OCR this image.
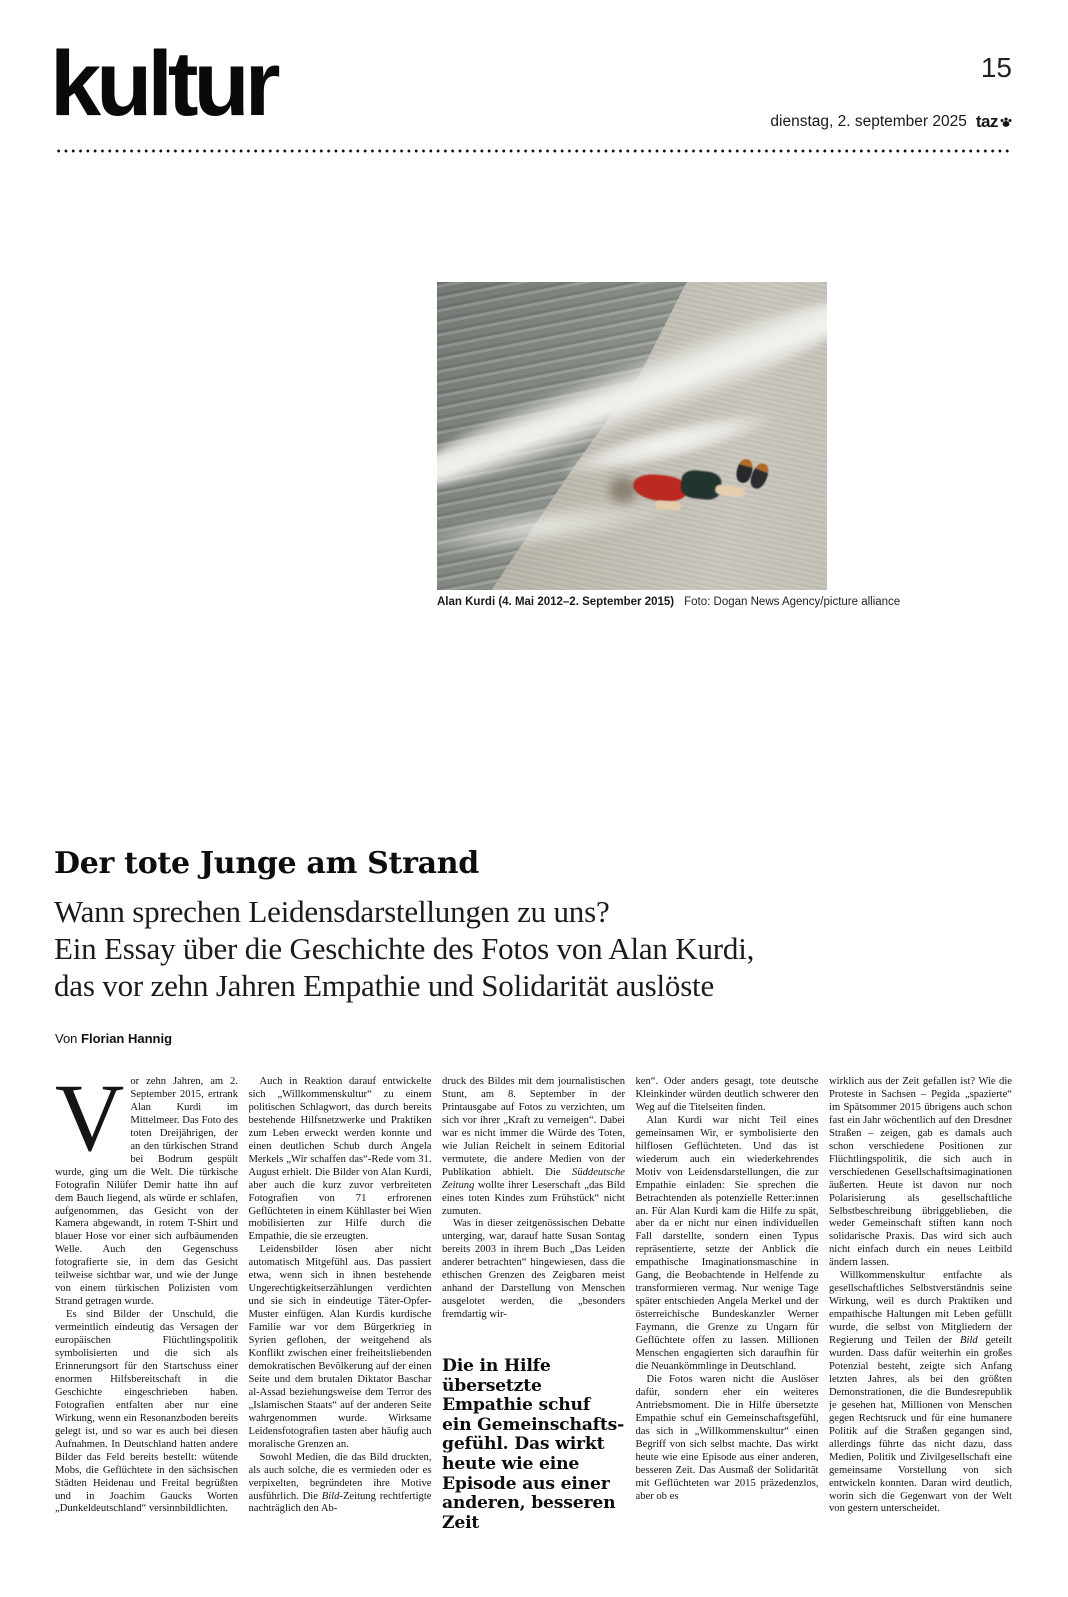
kultur	15
dienstag, 2. september 2025 taz
Alan Kurdi (4. Mai 2012–2. September 2015) Foto: Dogan News Agency/picture alliance
Der tote Junge am Strand
Wann sprechen Leidensdarstellungen zu uns?
Ein Essay über die Geschichte des Fotos von Alan Kurdi,
das vor zehn Jahren Empathie und Solidarität auslöste
Von Florian Hannig

Vor zehn Jahren, am 2. September 2015, ertrank Alan Kurdi im Mittelmeer. Das Foto des toten Dreijährigen, der an den türkischen Strand bei Bodrum gespült wurde, ging um die Welt. Die türkische Fotografin Nilüfer Demir hatte ihn auf dem Bauch liegend, als würde er schlafen, aufgenommen, das Gesicht von der Kamera abgewandt, in rotem T-Shirt und blauer Hose vor einer sich aufbäumenden Welle. Auch den Gegenschuss fotografierte sie, in dem das Gesicht teilweise sichtbar war, und wie der Junge von einem türkischen Polizisten vom Strand getragen wurde.

Es sind Bilder der Unschuld, die vermeintlich eindeutig das Versagen der europäischen Flüchtlingspolitik symbolisierten und die sich als Erinnerungsort für den Startschuss einer enormen Hilfsbereitschaft in die Geschichte eingeschrieben haben. Fotografien entfalten aber nur eine Wirkung, wenn ein Resonanzboden bereits gelegt ist, und so war es auch bei diesen Aufnahmen. In Deutschland hatten andere Bilder das Feld bereits bestellt: wütende Mobs, die Geflüchtete in den sächsischen Städten Heidenau und Freital begrüßten und in Joachim Gaucks Worten „Dunkeldeutschland“ versinnbildlichten.

Auch in Reaktion darauf entwickelte sich „Willkommenskultur“ zu einem politischen Schlagwort, das durch bereits bestehende Hilfsnetzwerke und Praktiken zum Leben erweckt werden konnte und einen deutlichen Schub durch Angela Merkels „Wir schaffen das“-Rede vom 31. August erhielt. Die Bilder von Alan Kurdi, aber auch die kurz zuvor verbreiteten Fotografien von 71 erfrorenen Geflüchteten in einem Kühllaster bei Wien mobilisierten zur Hilfe durch die Empathie, die sie erzeugten.

Leidensbilder lösen aber nicht automatisch Mitgefühl aus. Das passiert etwa, wenn sich in ihnen bestehende Ungerechtigkeitserzählungen verdichten und sie sich in eindeutige Täter-Opfer-Muster einfügen. Alan Kurdis kurdische Familie war vor dem Bürgerkrieg in Syrien geflohen, der weitgehend als Konflikt zwischen einer freiheitsliebenden demokratischen Bevölkerung auf der einen Seite und dem brutalen Diktator Baschar al-Assad beziehungsweise dem Terror des „Islamischen Staats“ auf der anderen Seite wahrgenommen wurde. Wirksame Leidensfotografien tasten aber häufig auch moralische Grenzen an.

Sowohl Medien, die das Bild druckten, als auch solche, die es vermieden oder es verpixelten, begründeten ihre Motive ausführlich. Die Bild-Zeitung rechtfertigte nachträglich den Ab-

druck des Bildes mit dem journalistischen Stunt, am 8. September in der Printausgabe auf Fotos zu verzichten, um sich vor ihrer „Kraft zu verneigen“. Dabei war es nicht immer die Würde des Toten, wie Julian Reichelt in seinem Editorial vermutete, die andere Medien von der Publikation abhielt. Die Süddeutsche Zeitung wollte ihrer Leserschaft „das Bild eines toten Kindes zum Frühstück“ nicht zumuten.

Was in dieser zeitgenössischen Debatte unterging, war, darauf hatte Susan Sontag bereits 2003 in ihrem Buch „Das Leiden anderer betrachten“ hingewiesen, dass die ethischen Grenzen des Zeigbaren meist anhand der Darstellung von Menschen ausgelotet werden, die „besonders fremdartig wir-

Die in Hilfe übersetzte Empathie schuf ein Gemeinschaftsgefühl. Das wirkt heute wie eine Episode aus einer anderen, besseren Zeit

ken“. Oder anders gesagt, tote deutsche Kleinkinder würden deutlich schwerer den Weg auf die Titelseiten finden.

Alan Kurdi war nicht Teil eines gemeinsamen Wir, er symbolisierte den hilflosen Geflüchteten. Und das ist wiederum auch ein wiederkehrendes Motiv von Leidensdarstellungen, die zur Empathie einladen: Sie sprechen die Betrachtenden als potenzielle Retter:innen an. Für Alan Kurdi kam die Hilfe zu spät, aber da er nicht nur einen individuellen Fall darstellte, sondern einen Typus repräsentierte, setzte der Anblick die empathische Imaginationsmaschine in Gang, die Beobachtende in Helfende zu transformieren vermag. Nur wenige Tage später entschieden Angela Merkel und der österreichische Bundeskanzler Werner Faymann, die Grenze zu Ungarn für Geflüchtete offen zu lassen. Millionen Menschen engagierten sich daraufhin für die Neuankömmlinge in Deutschland.

Die Fotos waren nicht die Auslöser dafür, sondern eher ein weiteres Antriebsmoment. Die in Hilfe übersetzte Empathie schuf ein Gemeinschaftsgefühl, das sich in „Willkommenskultur“ einen Begriff von sich selbst machte. Das wirkt heute wie eine Episode aus einer anderen, besseren Zeit. Das Ausmaß der Solidarität mit Geflüchteten war 2015 präzedenzlos, aber ob es

wirklich aus der Zeit gefallen ist? Wie die Proteste in Sachsen – Pegida „spazierte“ im Spätsommer 2015 übrigens auch schon fast ein Jahr wöchentlich auf den Dresdner Straßen – zeigen, gab es damals auch schon verschiedene Positionen zur Flüchtlingspolitik, die sich auch in verschiedenen Gesellschaftsimaginationen äußerten. Heute ist davon nur noch Polarisierung als gesellschaftliche Selbstbeschreibung übriggeblieben, die weder Gemeinschaft stiften kann noch solidarische Praxis. Das wird sich auch nicht einfach durch ein neues Leitbild ändern lassen.

Willkommenskultur entfachte als gesellschaftliches Selbstverständnis seine Wirkung, weil es durch Praktiken und empathische Haltungen mit Leben gefüllt wurde, die selbst von Mitgliedern der Regierung und Teilen der Bild geteilt wurden. Dass dafür weiterhin ein großes Potenzial besteht, zeigte sich Anfang letzten Jahres, als bei den größten Demonstrationen, die die Bundesrepublik je gesehen hat, Millionen von Menschen gegen Rechtsruck und für eine humanere Politik auf die Straßen gegangen sind, allerdings führte das nicht dazu, dass Medien, Politik und Zivilgesellschaft eine gemeinsame Vorstellung von sich entwickeln konnten. Daran wird deutlich, worin sich die Gegenwart von der Welt von gestern unterscheidet.
